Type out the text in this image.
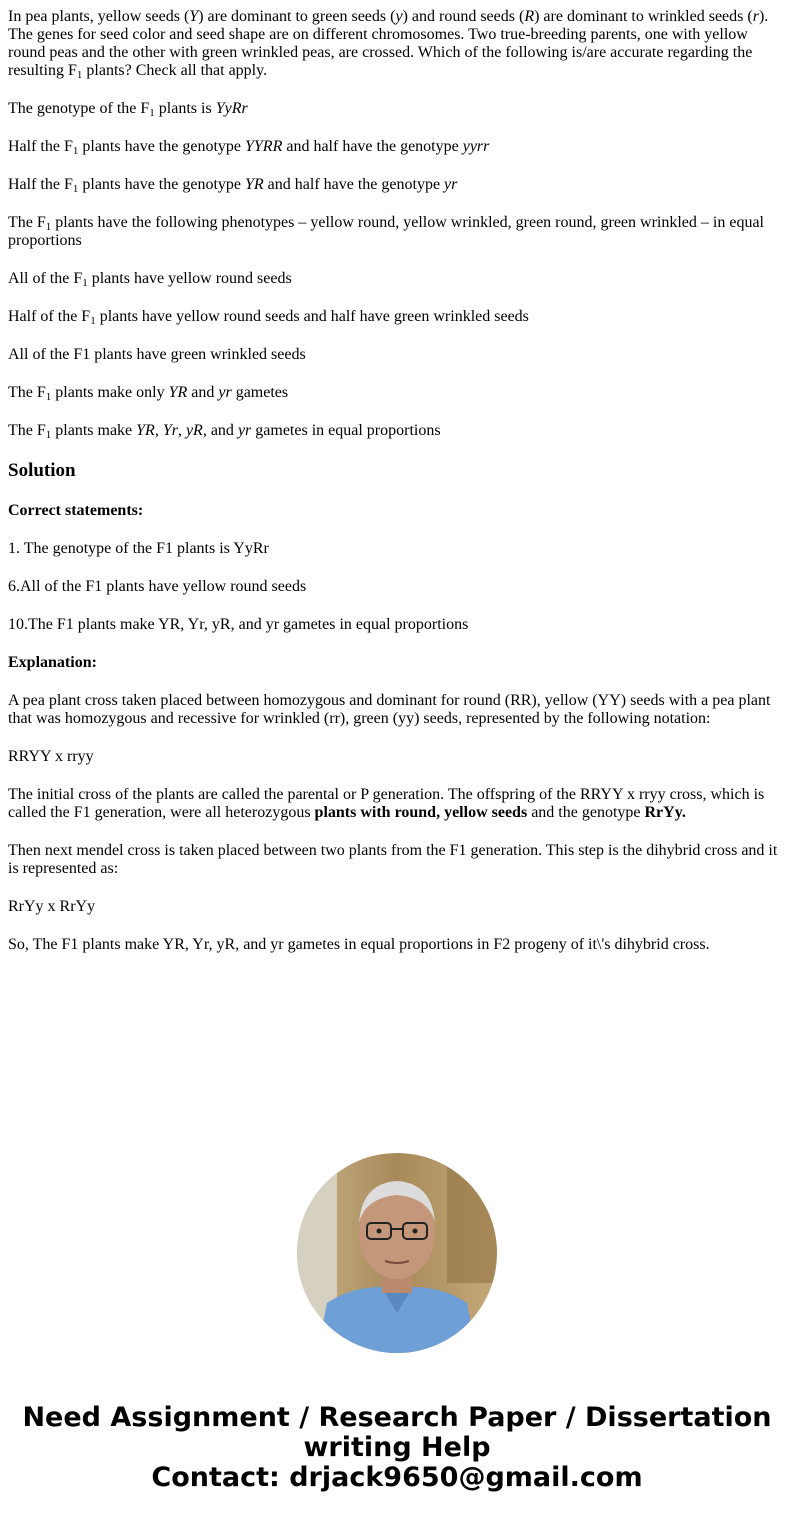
In pea plants, yellow seeds (Y) are dominant to green seeds (y) and round seeds (R) are dominant to wrinkled seeds (r). The genes for seed color and seed shape are on different chromosomes. Two true-breeding parents, one with yellow round peas and the other with green wrinkled peas, are crossed. Which of the following is/are accurate regarding the resulting $F_1$ plants? Check all that apply.

The genotype of the $F_1$ plants is YyRr

Half the $F_1$ plants have the genotype YYRR and half have the genotype yyrr

Half the $F_1$ plants have the genotype YR and half have the genotype yr

The $F_1$ plants have the following phenotypes – yellow round, yellow wrinkled, green round, green wrinkled – in equal proportions

All of the $F_1$ plants have yellow round seeds

Half of the $F_1$ plants have yellow round seeds and half have green wrinkled seeds

All of the F1 plants have green wrinkled seeds

The $F_1$ plants make only YR and yr gametes

The $F_1$ plants make YR, Yr, yR, and yr gametes in equal proportions

Solution

Correct statements:

1. The genotype of the F1 plants is YyRr

6.All of the F1 plants have yellow round seeds

10.The F1 plants make YR, Yr, yR, and yr gametes in equal proportions

Explanation:

A pea plant cross taken placed between homozygous and dominant for round (RR), yellow (YY) seeds with a pea plant that was homozygous and recessive for wrinkled (rr), green (yy) seeds, represented by the following notation:

RRYY x rryy

The initial cross of the plants are called the parental or P generation. The offspring of the RRYY x rryy cross, which is called the F1 generation, were all heterozygous plants with round, yellow seeds and the genotype RrYy.

Then next mendel cross is taken placed between two plants from the F1 generation. This step is the dihybrid cross and it is represented as:

RrYy x RrYy

So, The F1 plants make YR, Yr, yR, and yr gametes in equal proportions in F2 progeny of it\'s dihybrid cross.

Need Assignment / Research Paper / Dissertation
writing Help
Contact: drjack9650@gmail.com
